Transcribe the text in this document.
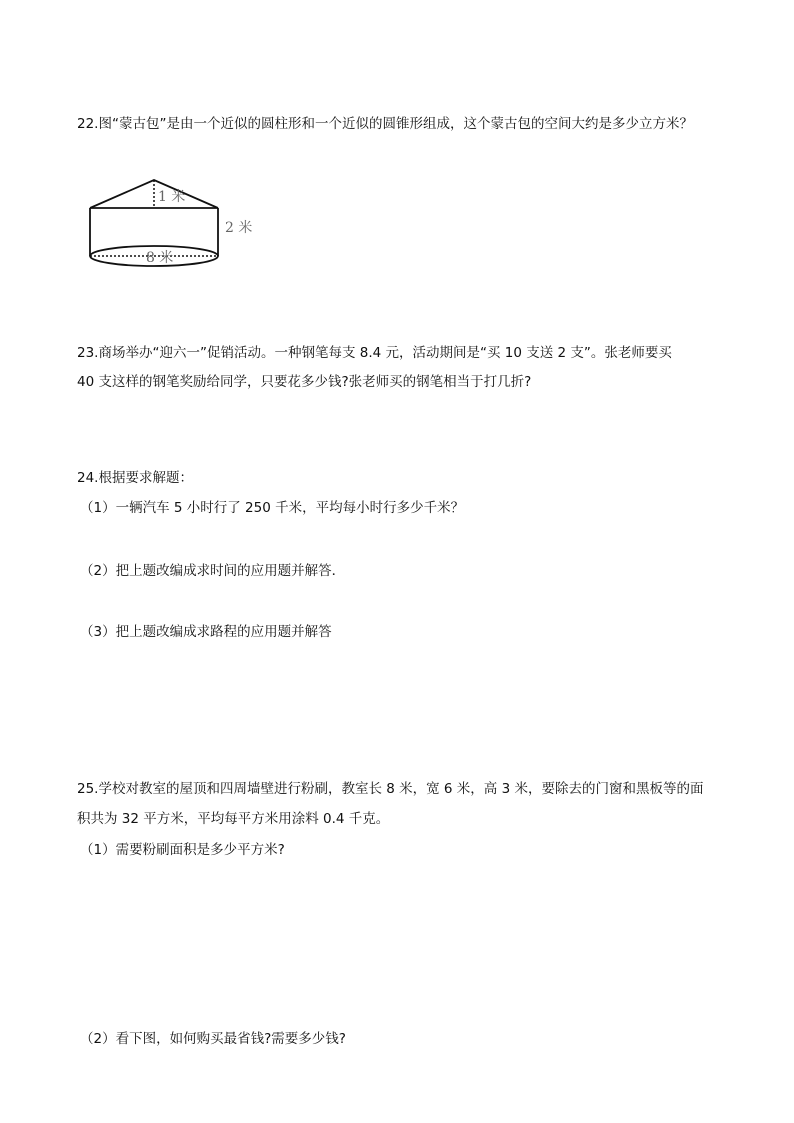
22.图“蒙古包”是由一个近似的圆柱形和一个近似的圆锥形组成，这个蒙古包的空间大约是多少立方米？
1 米
2 米
8 米
23.商场举办“迎六一”促销活动。一种钢笔每支 8.4 元，活动期间是“买 10 支送 2 支”。张老师要买
40 支这样的钢笔奖励给同学，只要花多少钱?张老师买的钢笔相当于打几折?
24.根据要求解题：
（1）一辆汽车 5 小时行了 250 千米，平均每小时行多少千米？
（2）把上题改编成求时间的应用题并解答．
（3）把上题改编成求路程的应用题并解答
25.学校对教室的屋顶和四周墙壁进行粉刷，教室长 8 米，宽 6 米，高 3 米，要除去的门窗和黑板等的面
积共为 32 平方米，平均每平方米用涂料 0.4 千克。
（1）需要粉刷面积是多少平方米?
（2）看下图，如何购买最省钱?需要多少钱?
